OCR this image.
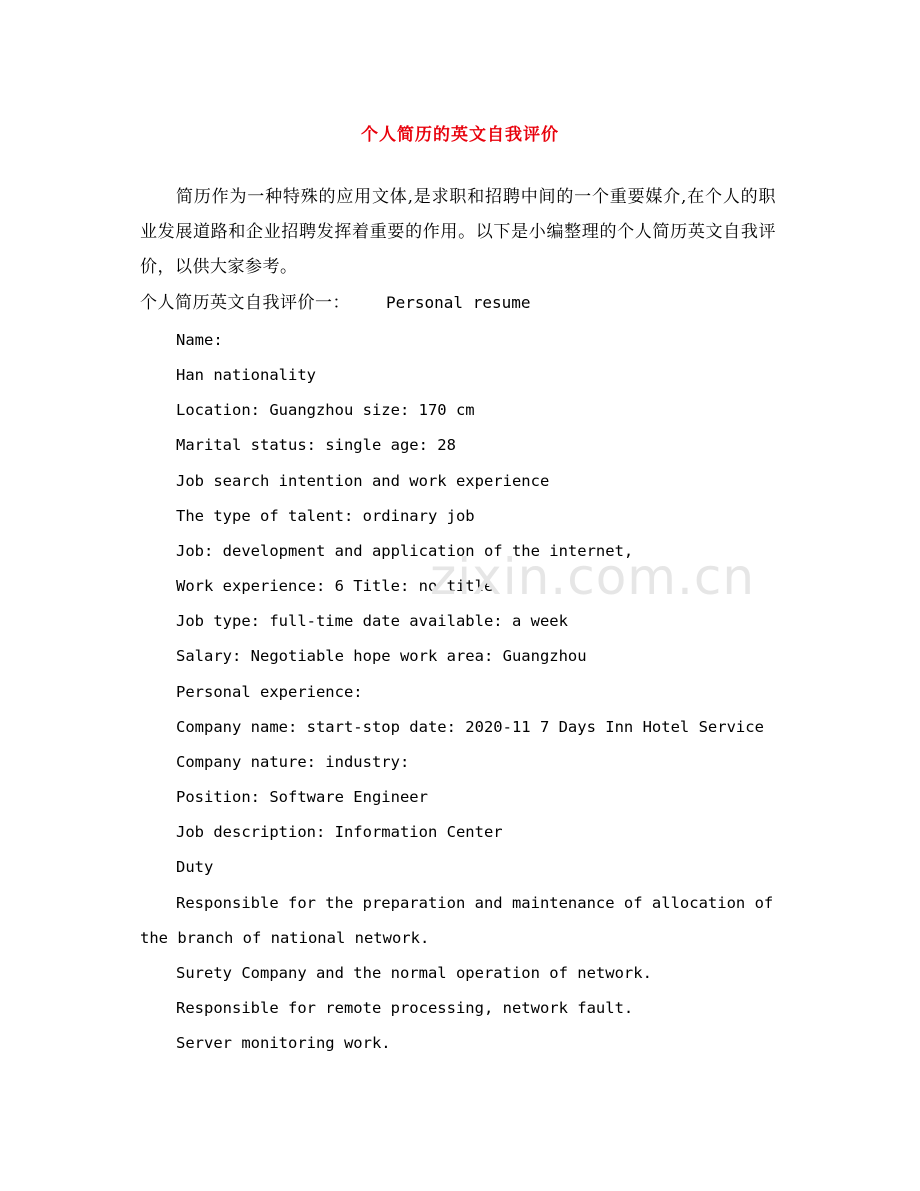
个人简历的英文自我评价
简历作为一种特殊的应用文体,是求职和招聘中间的一个重要媒介,在个人的职业发展道路和企业招聘发挥着重要的作用。以下是小编整理的个人简历英文自我评价，以供大家参考。
个人简历英文自我评价一： Personal resume

Name:

Han nationality

Location: Guangzhou size: 170 cm

Marital status: single age: 28

Job search intention and work experience

The type of talent: ordinary job

Job: development and application of the internet,

Work experience: 6 Title: no title

Job type: full-time date available: a week

Salary: Negotiable hope work area: Guangzhou

Personal experience:

Company name: start-stop date: 2020-11 7 Days Inn Hotel Service

Company nature: industry:

Position: Software Engineer

Job description: Information Center

Duty

Responsible for the preparation and maintenance of allocation of the branch of national network.

Surety Company and the normal operation of network.

Responsible for remote processing, network fault.

Server monitoring work.

zixin.com.cn
